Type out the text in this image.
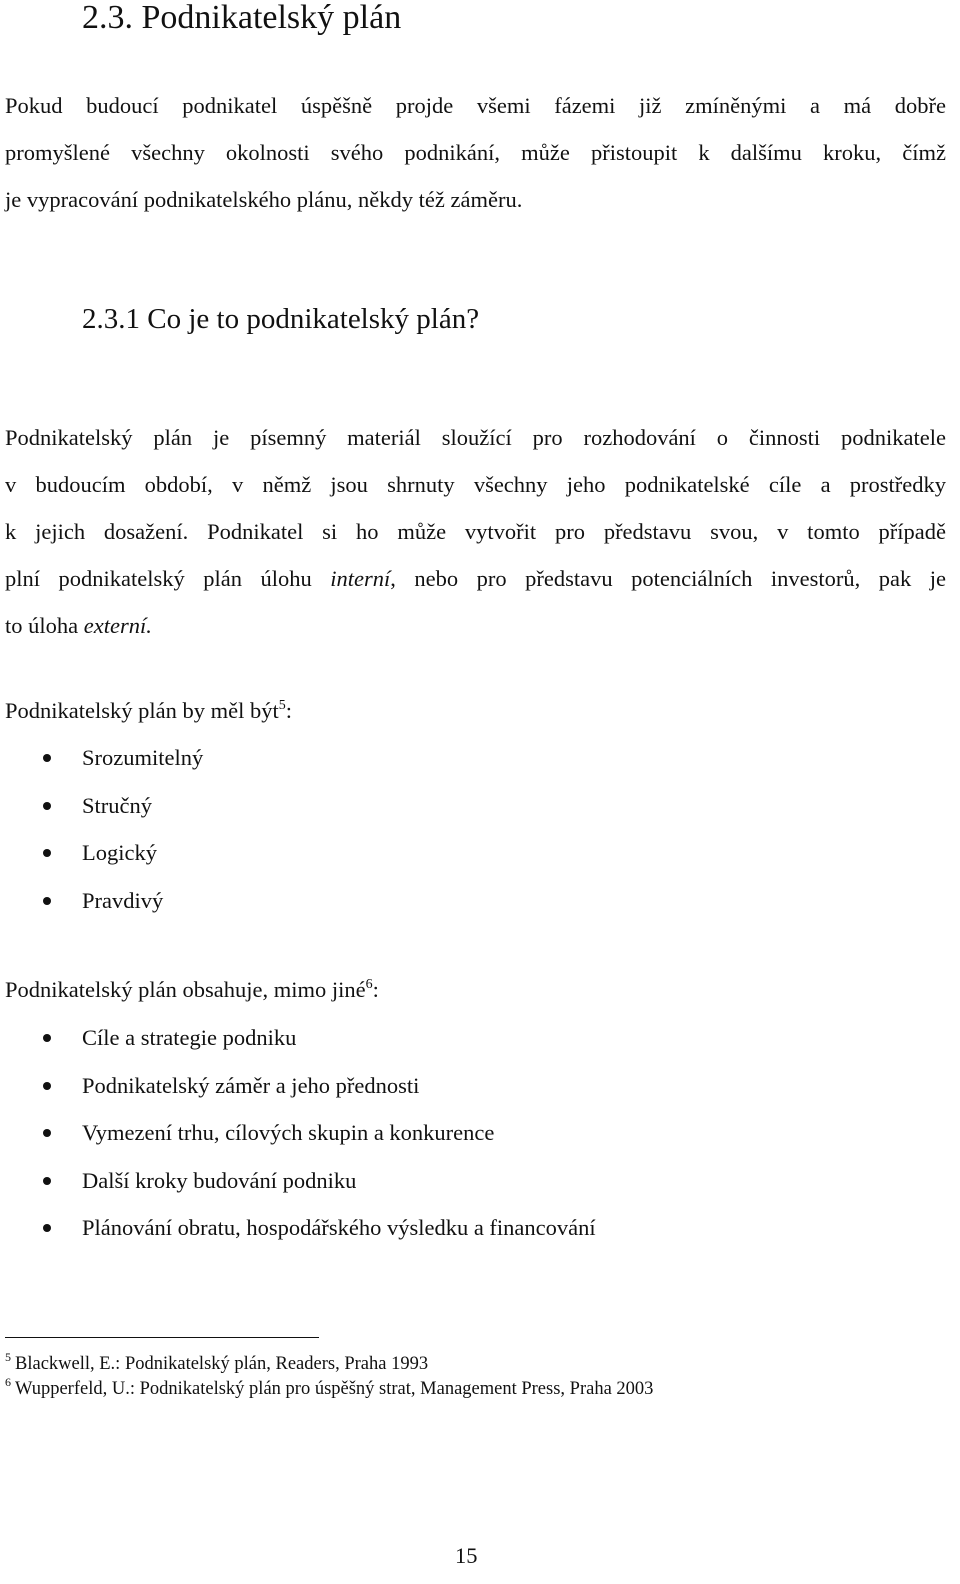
2.3. Podnikatelský plán
Pokud budoucí podnikatel úspěšně projde všemi fázemi již zmíněnými a má dobře
promyšlené všechny okolnosti svého podnikání, může přistoupit k dalšímu kroku, čímž
je vypracování podnikatelského plánu, někdy též záměru.
2.3.1 Co je to podnikatelský plán?
Podnikatelský plán je písemný materiál sloužící pro rozhodování o činnosti podnikatele
v budoucím období, v němž jsou shrnuty všechny jeho podnikatelské cíle a prostředky
k jejich dosažení. Podnikatel si ho může vytvořit pro představu svou, v tomto případě
plní podnikatelský plán úlohu interní, nebo pro představu potenciálních investorů, pak je
to úloha externí.

Podnikatelský plán by měl být$^5$:

Srozumitelný
Stručný
Logický
Pravdivý

Podnikatelský plán obsahuje, mimo jiné$^6$:

Cíle a strategie podniku
Podnikatelský záměr a jeho přednosti
Vymezení trhu, cílových skupin a konkurence
Další kroky budování podniku
Plánování obratu, hospodářského výsledku a financování

$^5$ Blackwell, E.: Podnikatelský plán, Readers, Praha 1993

$^6$ Wupperfeld, U.: Podnikatelský plán pro úspěšný strat, Management Press, Praha 2003

15
